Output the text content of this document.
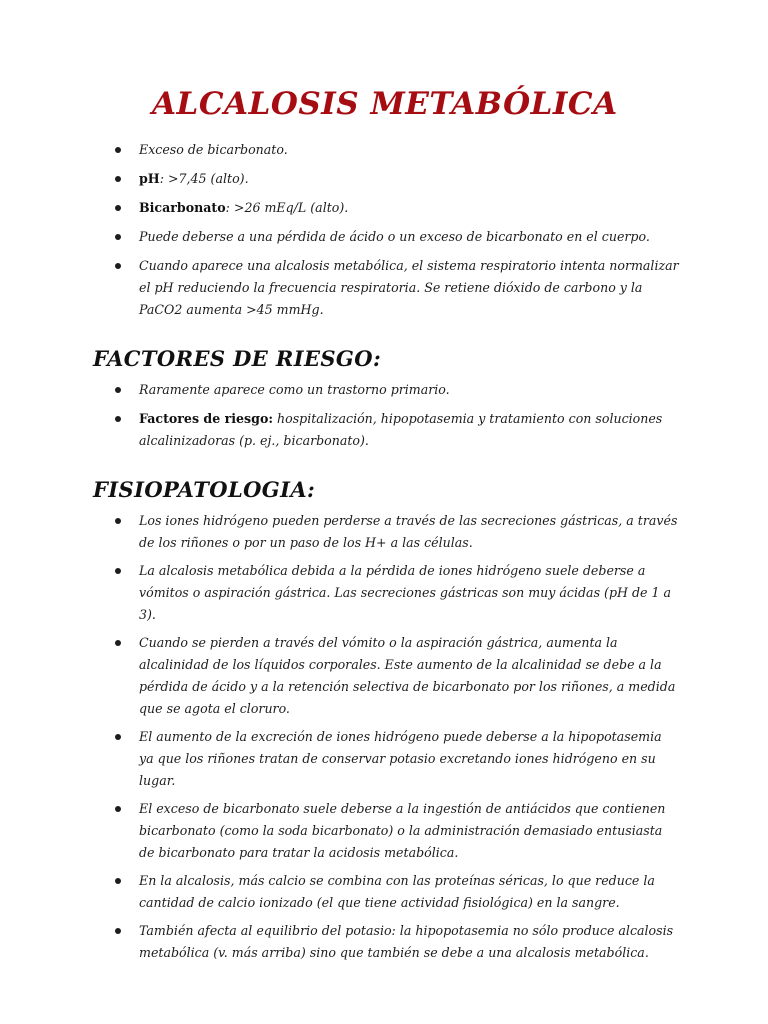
ALCALOSIS METABÓLICA
Exceso de bicarbonato.
pH: >7,45 (alto).
Bicarbonato: >26 mEq/L (alto).
Puede deberse a una pérdida de ácido o un exceso de bicarbonato en el cuerpo.
Cuando aparece una alcalosis metabólica, el sistema respiratorio intenta normalizar el pH reduciendo la frecuencia respiratoria. Se retiene dióxido de carbono y la PaCO2 aumenta >45 mmHg.
FACTORES DE RIESGO:
Raramente aparece como un trastorno primario.
Factores de riesgo: hospitalización, hipopotasemia y tratamiento con soluciones alcalinizadoras (p. ej., bicarbonato).
FISIOPATOLOGIA:
Los iones hidrógeno pueden perderse a través de las secreciones gástricas, a través de los riñones o por un paso de los H+ a las células.
La alcalosis metabólica debida a la pérdida de iones hidrógeno suele deberse a vómitos o aspiración gástrica. Las secreciones gástricas son muy ácidas (pH de 1 a 3).
Cuando se pierden a través del vómito o la aspiración gástrica, aumenta la alcalinidad de los líquidos corporales. Este aumento de la alcalinidad se debe a la pérdida de ácido y a la retención selectiva de bicarbonato por los riñones, a medida que se agota el cloruro.
El aumento de la excreción de iones hidrógeno puede deberse a la hipopotasemia ya que los riñones tratan de conservar potasio excretando iones hidrógeno en su lugar.
El exceso de bicarbonato suele deberse a la ingestión de antiácidos que contienen bicarbonato (como la soda bicarbonato) o la administración demasiado entusiasta de bicarbonato para tratar la acidosis metabólica.
En la alcalosis, más calcio se combina con las proteínas séricas, lo que reduce la cantidad de calcio ionizado (el que tiene actividad fisiológica) en la sangre.
También afecta al equilibrio del potasio: la hipopotasemia no sólo produce alcalosis metabólica (v. más arriba) sino que también se debe a una alcalosis metabólica.
